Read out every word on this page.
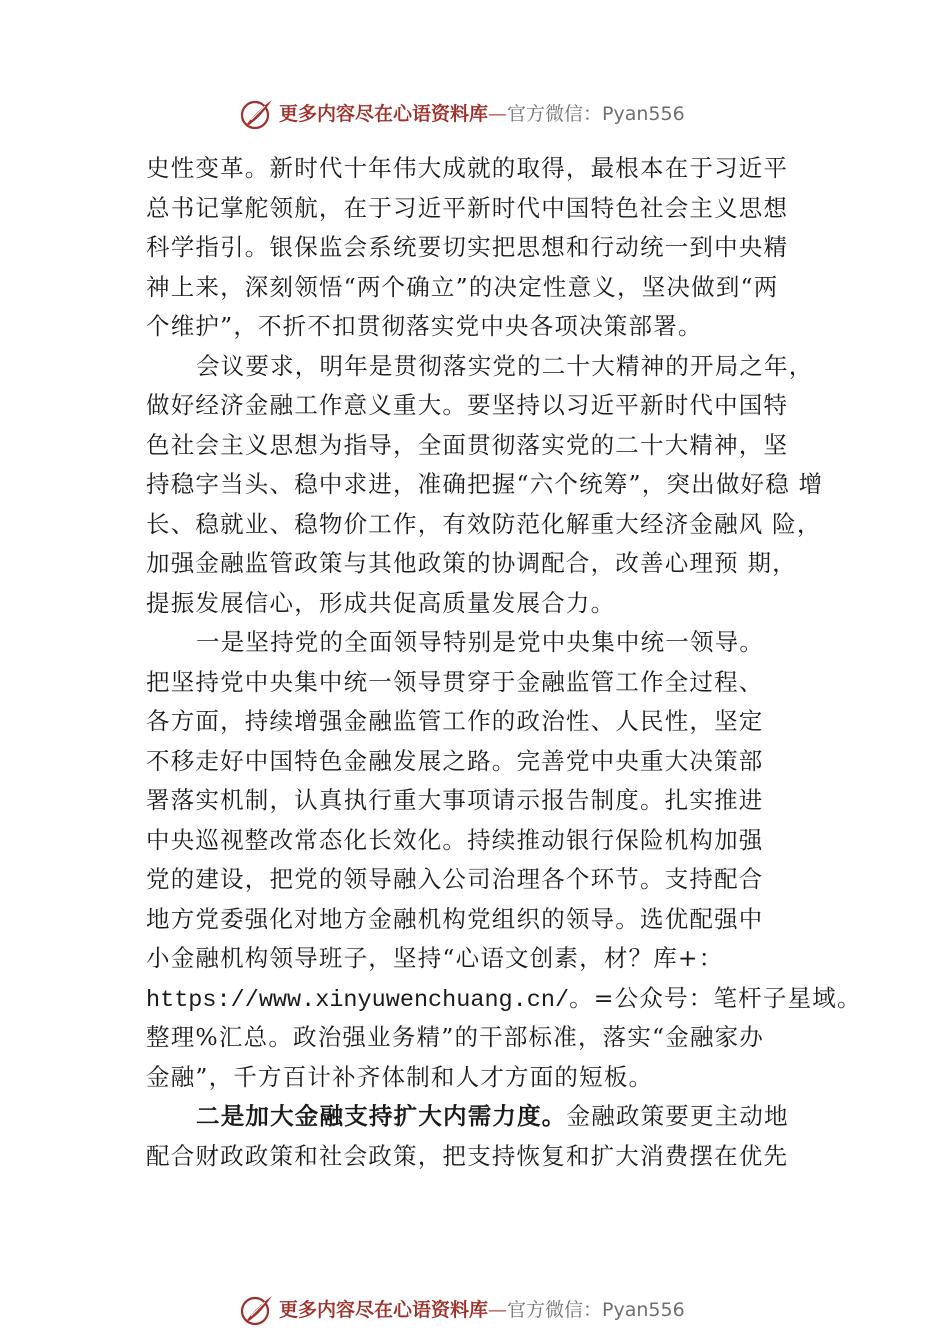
更多内容尽在心语资料库—官方微信：Pyan556
史性变革。新时代十年伟大成就的取得，最根本在于习近平
总书记掌舵领航，在于习近平新时代中国特色社会主义思想
科学指引。银保监会系统要切实把思想和行动统一到中央精
神上来，深刻领悟“两个确立”的决定性意义，坚决做到“两
个维护”，不折不扣贯彻落实党中央各项决策部署。
会议要求，明年是贯彻落实党的二十大精神的开局之年，
做好经济金融工作意义重大。要坚持以习近平新时代中国特
色社会主义思想为指导，全面贯彻落实党的二十大精神，坚
持稳字当头、稳中求进，准确把握“六个统筹”，突出做好稳 增
长、稳就业、稳物价工作，有效防范化解重大经济金融风 险，
加强金融监管政策与其他政策的协调配合，改善心理预 期，
提振发展信心，形成共促高质量发展合力。
一是坚持党的全面领导特别是党中央集中统一领导。
把坚持党中央集中统一领导贯穿于金融监管工作全过程、
各方面，持续增强金融监管工作的政治性、人民性，坚定
不移走好中国特色金融发展之路。完善党中央重大决策部
署落实机制，认真执行重大事项请示报告制度。扎实推进
中央巡视整改常态化长效化。持续推动银行保险机构加强
党的建设，把党的领导融入公司治理各个环节。支持配合
地方党委强化对地方金融机构党组织的领导。选优配强中
小金融机构领导班子，坚持“心语文创素，材？库+：
https://www.xinyuwenchuang.cn/。=公众号：笔杆子星域。
整理%汇总。政治强业务精”的干部标准，落实“金融家办
金融”，千方百计补齐体制和人才方面的短板。
二是加大金融支持扩大内需力度。金融政策要更主动地
配合财政政策和社会政策，把支持恢复和扩大消费摆在优先
更多内容尽在心语资料库—官方微信：Pyan556
